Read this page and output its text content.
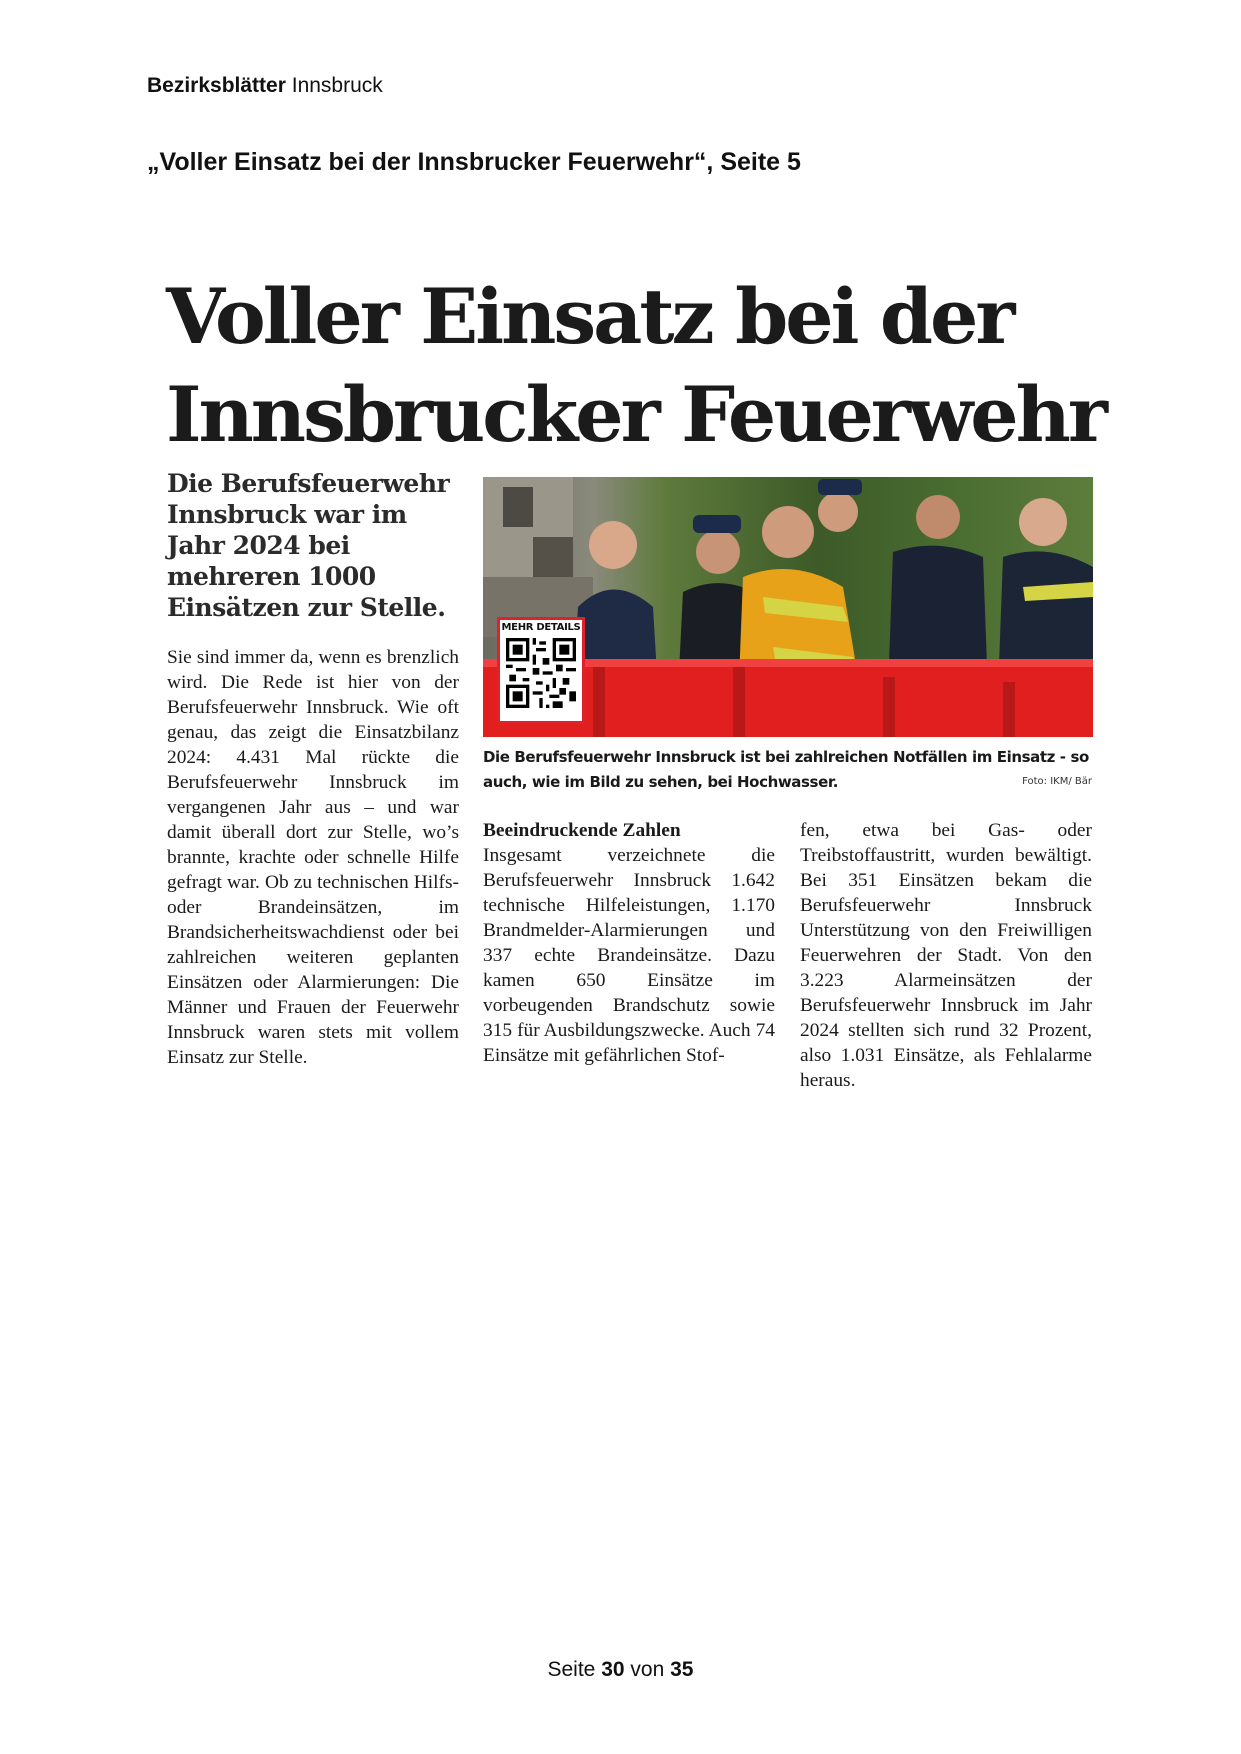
Bezirksblätter Innsbruck
„Voller Einsatz bei der Innsbrucker Feuerwehr“, Seite 5
Voller Einsatz bei der
Innsbrucker Feuerwehr
Die Berufsfeuerwehr Innsbruck war im Jahr 2024 bei mehreren 1000 Einsätzen zur Stelle.
Sie sind immer da, wenn es brenzlich wird. Die Rede ist hier von der Berufsfeuerwehr Innsbruck. Wie oft genau, das zeigt die Einsatzbilanz 2024: 4.431 Mal rückte die Berufsfeuerwehr Innsbruck im vergangenen Jahr aus – und war damit überall dort zur Stelle, wo’s brannte, krachte oder schnelle Hilfe gefragt war. Ob zu technischen Hilfs- oder Brandeinsätzen, im Brandsicherheitswachdienst oder bei zahlreichen weiteren geplanten Einsätzen oder Alarmierungen: Die Männer und Frauen der Feuerwehr Innsbruck waren stets mit vollem Einsatz zur Stelle.
Beeindruckende Zahlen
Insgesamt verzeichnete die Berufsfeuerwehr Innsbruck 1.642 technische Hilfeleistungen, 1.170 Brandmelder-Alarmierungen und 337 echte Brandeinsätze. Dazu kamen 650 Einsätze im vorbeugenden Brandschutz sowie 315 für Ausbildungszwecke. Auch 74 Einsätze mit gefährlichen Stof-
fen, etwa bei Gas- oder Treibstoffaustritt, wurden bewältigt. Bei 351 Einsätzen bekam die Berufsfeuerwehr Innsbruck Unterstützung von den Freiwilligen Feuerwehren der Stadt. Von den 3.223 Alarmeinsätzen der Berufsfeuerwehr Innsbruck im Jahr 2024 stellten sich rund 32 Prozent, also 1.031 Einsätze, als Fehlalarme heraus.
MEHR DETAILS
Die Berufsfeuerwehr Innsbruck ist bei zahlreichen Notfällen im Einsatz - so auch, wie im Bild zu sehen, bei Hochwasser.	Foto: IKM/ Bär
Seite 30 von 35
